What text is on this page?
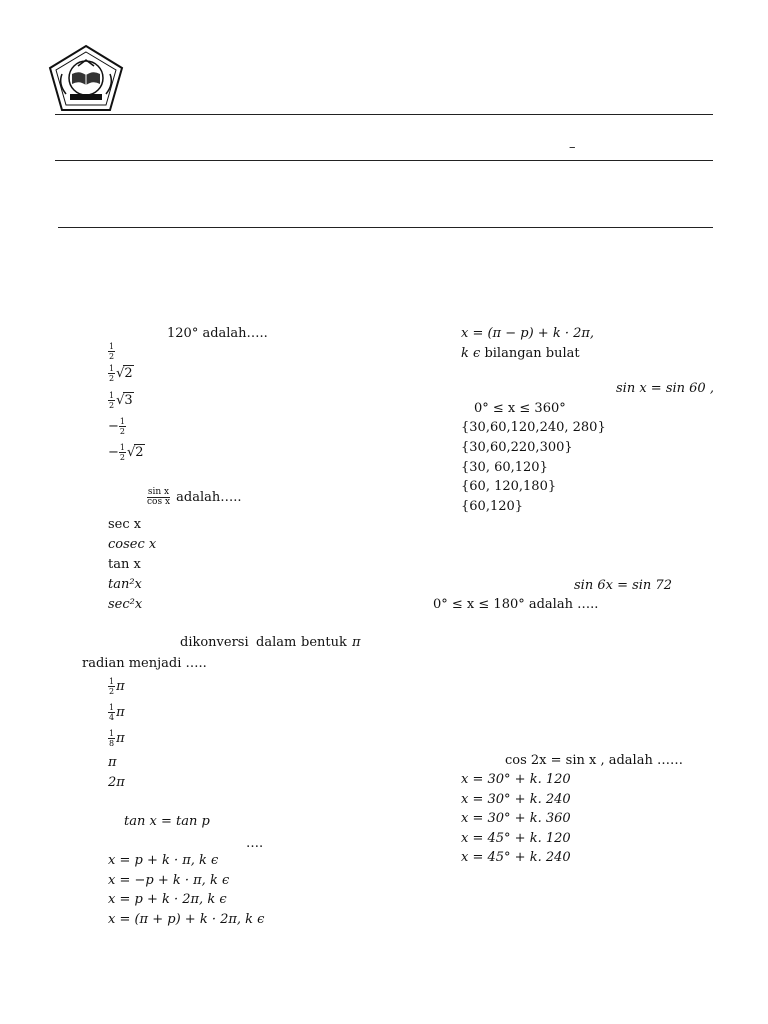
–
120° adalah…..
$\frac{1}{2}$
$\frac{1}{2} √2$
$\frac{1}{2} √3$
− $\frac{1}{2}$
− $\frac{1}{2} √2$
$\frac{\text{sin x}}{\text{cos x}}$ adalah…..
sec x
cosec x
tan x
tan²x
sec²x
dikonversi dalam bentuk π
radian menjadi …..
$\frac{1}{2}$ π
$\frac{1}{4}$ π
$\frac{1}{8}$ π
π
2π
tan x = tan p
….
x = p + k · π, k ϵ
x = −p + k · π, k ϵ
x = p + k · 2π, k ϵ
x = (π + p) + k · 2π, k ϵ
x = (π − p) + k · 2π,
k ϵ bilangan bulat
sin x = sin 60 ,
0° ≤ x ≤ 360°
{30,60,120,240, 280}
{30,60,220,300}
{30, 60,120}
{60, 120,180}
{60,120}
sin 6x = sin 72
0° ≤ x ≤ 180° adalah …..
cos 2x = sin x , adalah ……
x = 30° + k. 120
x = 30° + k. 240
x = 30° + k. 360
x = 45° + k. 120
x = 45° + k. 240
